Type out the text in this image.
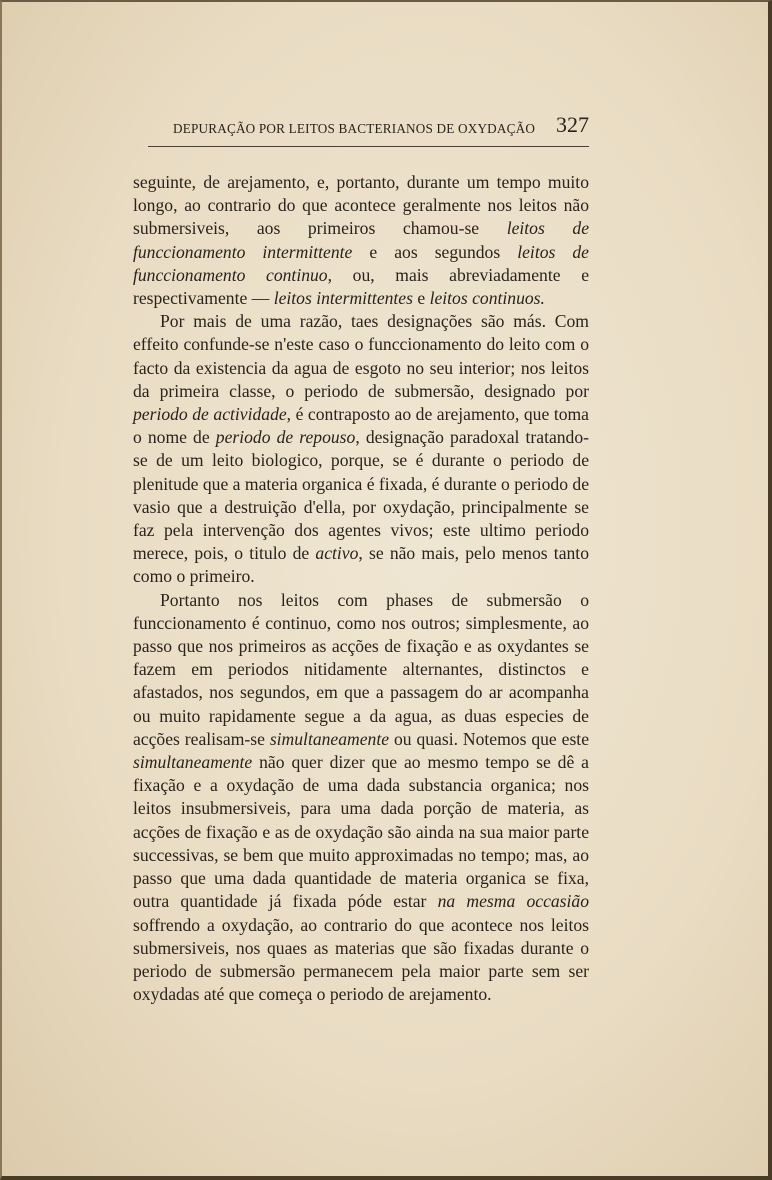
DEPURAÇÃO POR LEITOS BACTERIANOS DE OXYDAÇÃO 327

seguinte, de arejamento, e, portanto, durante um tempo muito longo, ao contrario do que acontece geralmente nos leitos não submersiveis, aos primeiros chamou-se leitos de funccionamento intermittente e aos segundos leitos de funccionamento continuo, ou, mais abreviadamente e respectivamente — leitos intermittentes e leitos continuos.

Por mais de uma razão, taes designações são más. Com effeito confunde-se n'este caso o funccionamento do leito com o facto da existencia da agua de esgoto no seu interior; nos leitos da primeira classe, o periodo de submersão, designado por periodo de actividade, é contraposto ao de arejamento, que toma o nome de periodo de repouso, designação paradoxal tratando-se de um leito biologico, porque, se é durante o periodo de plenitude que a materia organica é fixada, é durante o periodo de vasio que a destruição d'ella, por oxydação, principalmente se faz pela intervenção dos agentes vivos; este ultimo periodo merece, pois, o titulo de activo, se não mais, pelo menos tanto como o primeiro.

Portanto nos leitos com phases de submersão o funccionamento é continuo, como nos outros; simplesmente, ao passo que nos primeiros as acções de fixação e as oxydantes se fazem em periodos nitidamente alternantes, distinctos e afastados, nos segundos, em que a passagem do ar acompanha ou muito rapidamente segue a da agua, as duas especies de acções realisam-se simultaneamente ou quasi. Notemos que este simultaneamente não quer dizer que ao mesmo tempo se dê a fixação e a oxydação de uma dada substancia organica; nos leitos insubmersiveis, para uma dada porção de materia, as acções de fixação e as de oxydação são ainda na sua maior parte successivas, se bem que muito approximadas no tempo; mas, ao passo que uma dada quantidade de materia organica se fixa, outra quantidade já fixada póde estar na mesma occasião soffrendo a oxydação, ao contrario do que acontece nos leitos submersiveis, nos quaes as materias que são fixadas durante o periodo de submersão permanecem pela maior parte sem ser oxydadas até que começa o periodo de arejamento.
